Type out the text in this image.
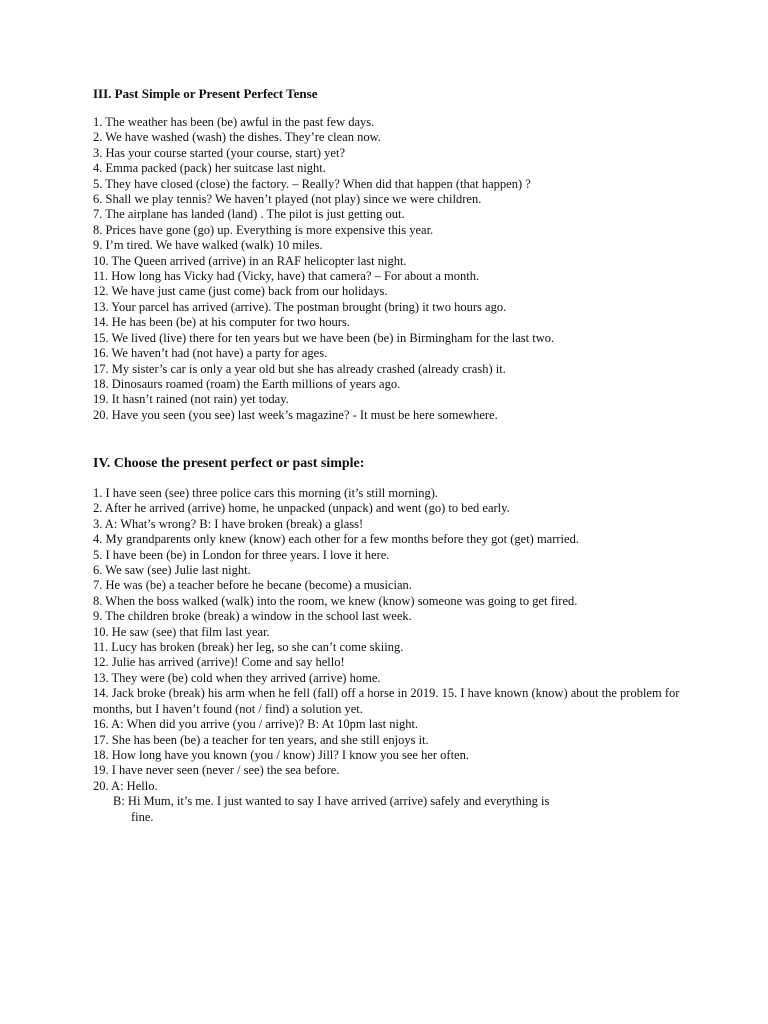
III. Past Simple or Present Perfect Tense
1. The weather has been (be) awful in the past few days.
2. We have washed (wash) the dishes. They’re clean now.
3. Has your course started (your course, start) yet?
4. Emma packed (pack) her suitcase last night.
5. They have closed (close) the factory. – Really? When did that happen (that happen) ?
6. Shall we play tennis? We haven’t played (not play) since we were children.
7. The airplane has landed (land) . The pilot is just getting out.
8. Prices have gone (go) up. Everything is more expensive this year.
9. I’m tired. We have walked (walk) 10 miles.
10. The Queen arrived (arrive) in an RAF helicopter last night.
11. How long has Vicky had (Vicky, have) that camera? – For about a month.
12. We have just came (just come) back from our holidays.
13. Your parcel has arrived (arrive). The postman brought (bring) it two hours ago.
14. He has been (be) at his computer for two hours.
15. We lived (live) there for ten years but we have been (be) in Birmingham for the last two.
16. We haven’t had (not have) a party for ages.
17. My sister’s car is only a year old but she has already crashed (already crash) it.
18. Dinosaurs roamed (roam) the Earth millions of years ago.
19. It hasn’t rained (not rain) yet today.
20. Have you seen (you see) last week’s magazine? - It must be here somewhere.
IV. Choose the present perfect or past simple:
1. I have seen (see) three police cars this morning (it’s still morning).
2. After he arrived (arrive) home, he unpacked (unpack) and went (go) to bed early.
3. A: What’s wrong? B: I have broken (break) a glass!
4. My grandparents only knew (know) each other for a few months before they got (get) married.
5. I have been (be) in London for three years. I love it here.
6. We saw (see) Julie last night.
7. He was (be) a teacher before he becane (become) a musician.
8. When the boss walked (walk) into the room, we knew (know) someone was going to get fired.
9. The children broke (break) a window in the school last week.
10. He saw (see) that film last year.
11. Lucy has broken (break) her leg, so she can’t come skiing.
12. Julie has arrived (arrive)! Come and say hello!
13. They were (be) cold when they arrived (arrive) home.
14. Jack broke (break) his arm when he fell (fall) off a horse in 2019. 15. I have known (know) about the problem for months, but I haven’t found (not / find) a solution yet.
16. A: When did you arrive (you / arrive)? B: At 10pm last night.
17. She has been (be) a teacher for ten years, and she still enjoys it.
18. How long have you known (you / know) Jill? I know you see her often.
19. I have never seen (never / see) the sea before.
20. A: Hello.
B: Hi Mum, it’s me. I just wanted to say I have arrived (arrive) safely and everything is
fine.
